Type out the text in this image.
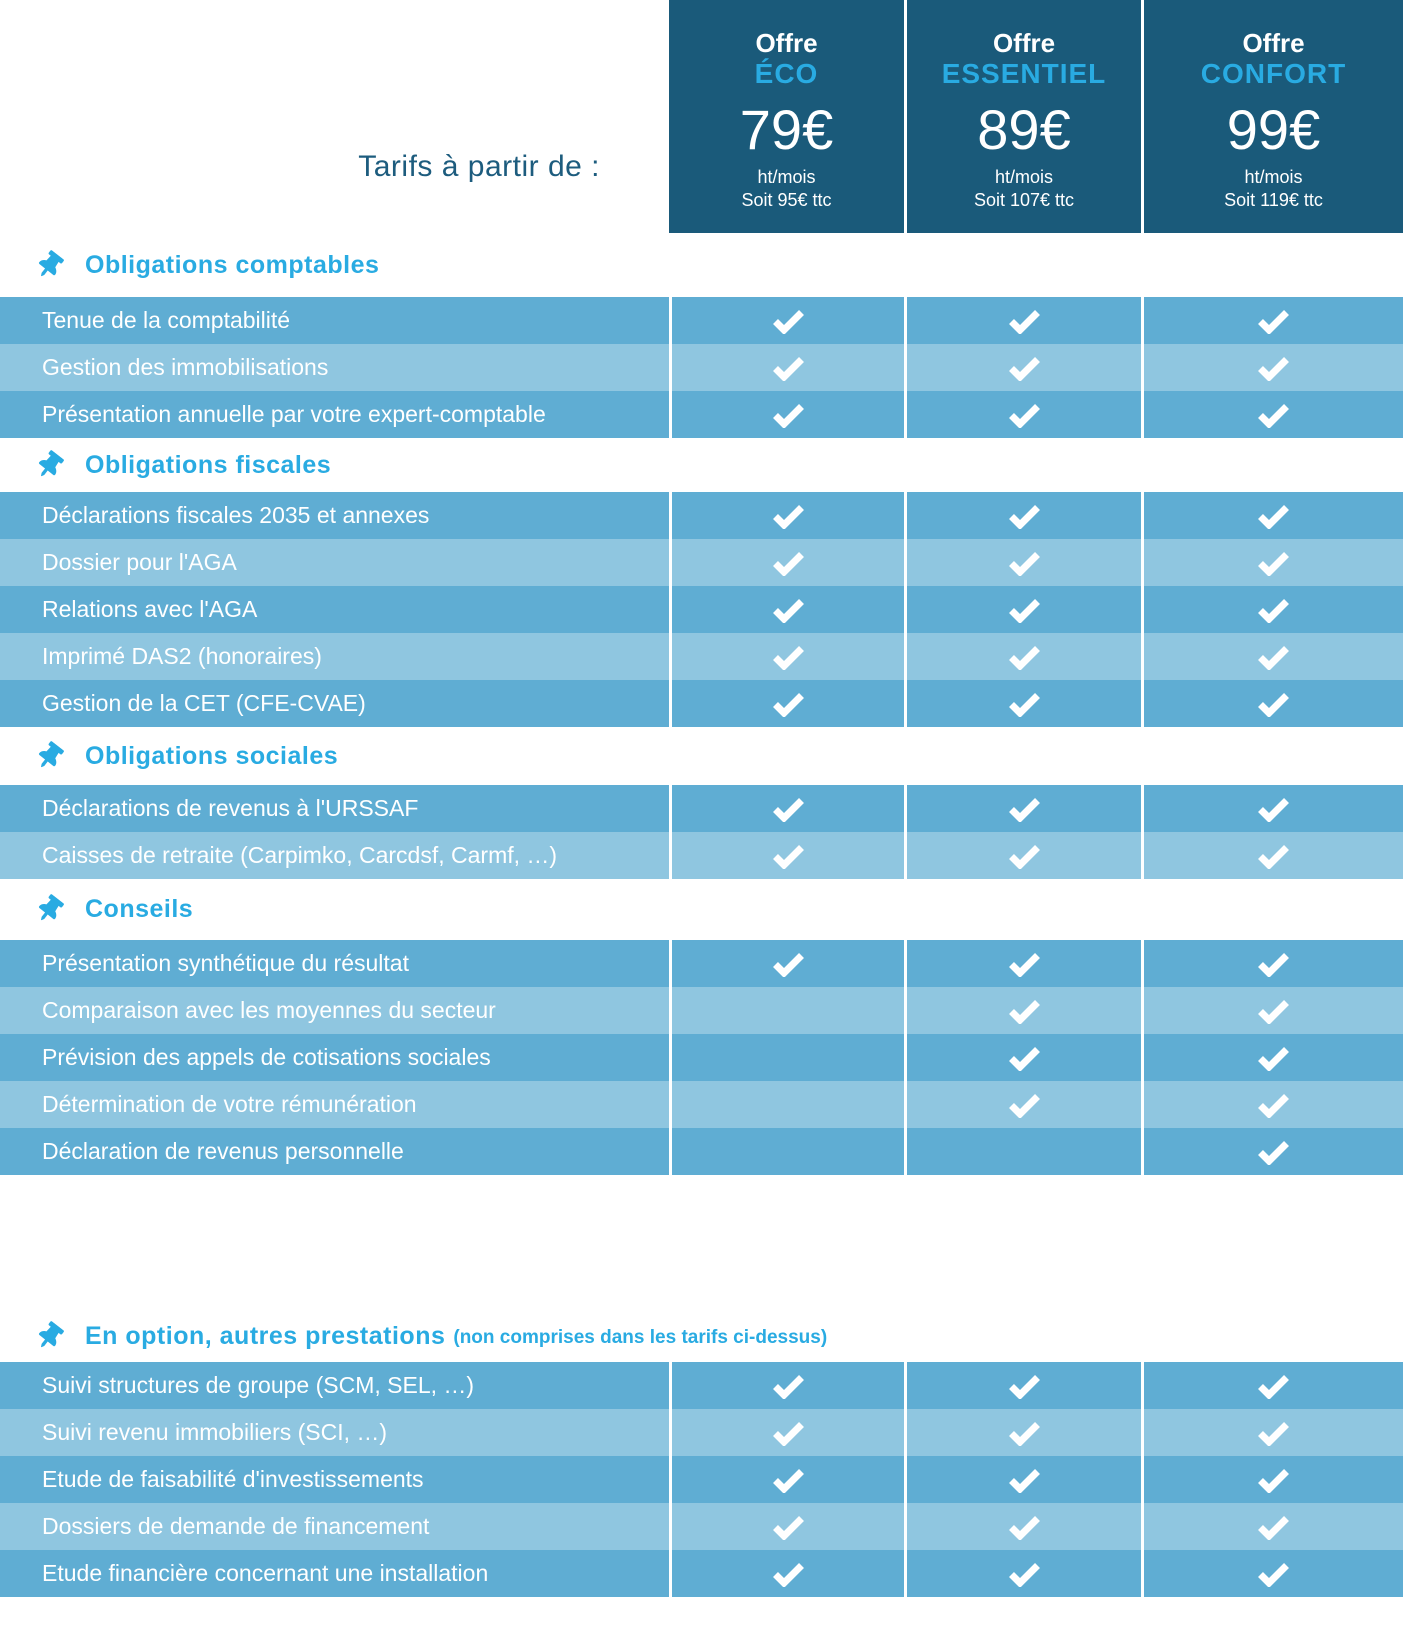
Tarifs à partir de :
Offre
ÉCO
79€
ht/mois
Soit 95€ ttc
Offre
ESSENTIEL
89€
ht/mois
Soit 107€ ttc
Offre
CONFORT
99€
ht/mois
Soit 119€ ttc
Obligations comptables
Tenue de la comptabilité
Gestion des immobilisations
Présentation annuelle par votre expert-comptable
Obligations fiscales
Déclarations fiscales 2035 et annexes
Dossier pour l'AGA
Relations avec l'AGA
Imprimé DAS2 (honoraires)
Gestion de la CET (CFE-CVAE)
Obligations sociales
Déclarations de revenus à l'URSSAF
Caisses de retraite (Carpimko, Carcdsf, Carmf, …)
Conseils
Présentation synthétique du résultat
Comparaison avec les moyennes du secteur
Prévision des appels de cotisations sociales
Détermination de votre rémunération
Déclaration de revenus personnelle
En option, autres prestations (non comprises dans les tarifs ci-dessus)
Suivi structures de groupe (SCM, SEL, …)
Suivi revenu immobiliers (SCI, …)
Etude de faisabilité d'investissements
Dossiers de demande de financement
Etude financière concernant une installation
